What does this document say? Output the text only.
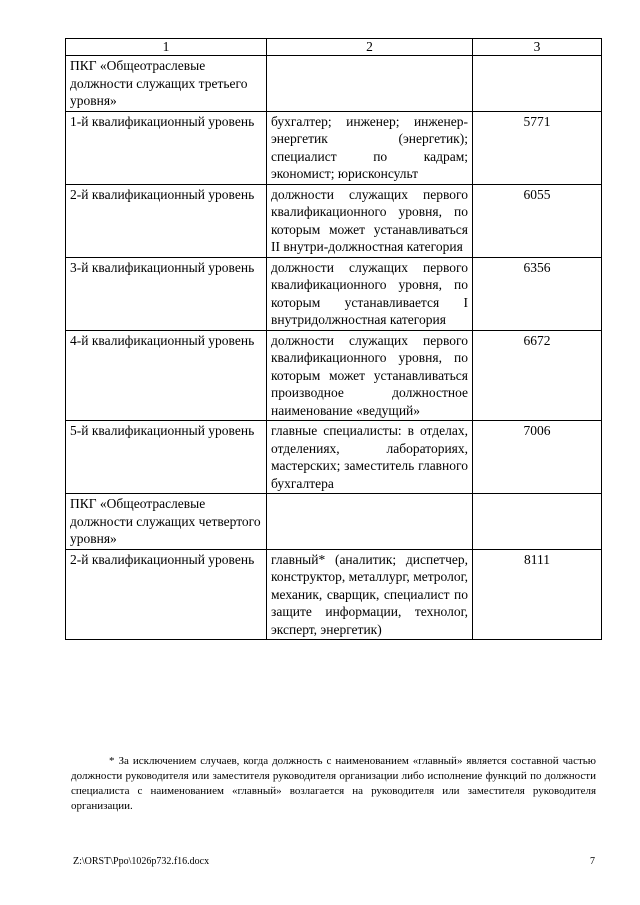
1	2	3
ПКГ «Общеотраслевые должности служащих третьего уровня»		
1-й квалификационный уровень	бухгалтер; инженер; инженер-энергетик (энергетик); специалист по кадрам; экономист; юрисконсульт	5771
2-й квалификационный уровень	должности служащих первого квалификационного уровня, по которым может устанавливаться II внутри-должностная категория	6055
3-й квалификационный уровень	должности служащих первого квалификационного уровня, по которым устанавливается I внутридолжностная категория	6356
4-й квалификационный уровень	должности служащих первого квалификационного уровня, по которым может устанавливаться производное должностное наименование «ведущий»	6672
5-й квалификационный уровень	главные специалисты: в отделах, отделениях, лабораториях, мастерских; заместитель главного бухгалтера	7006
ПКГ «Общеотраслевые должности служащих четвертого уровня»		
2-й квалификационный уровень	главный* (аналитик; диспетчер, конструктор, металлург, метролог, механик, сварщик, специалист по защите информации, технолог, эксперт, энергетик)	8111
* За исключением случаев, когда должность с наименованием «главный» является составной частью должности руководителя или заместителя руководителя организации либо исполнение функций по должности специалиста с наименованием «главный» возлагается на руководителя или заместителя руководителя организации.
Z:\ORST\Ppo\1026p732.f16.docx	7
